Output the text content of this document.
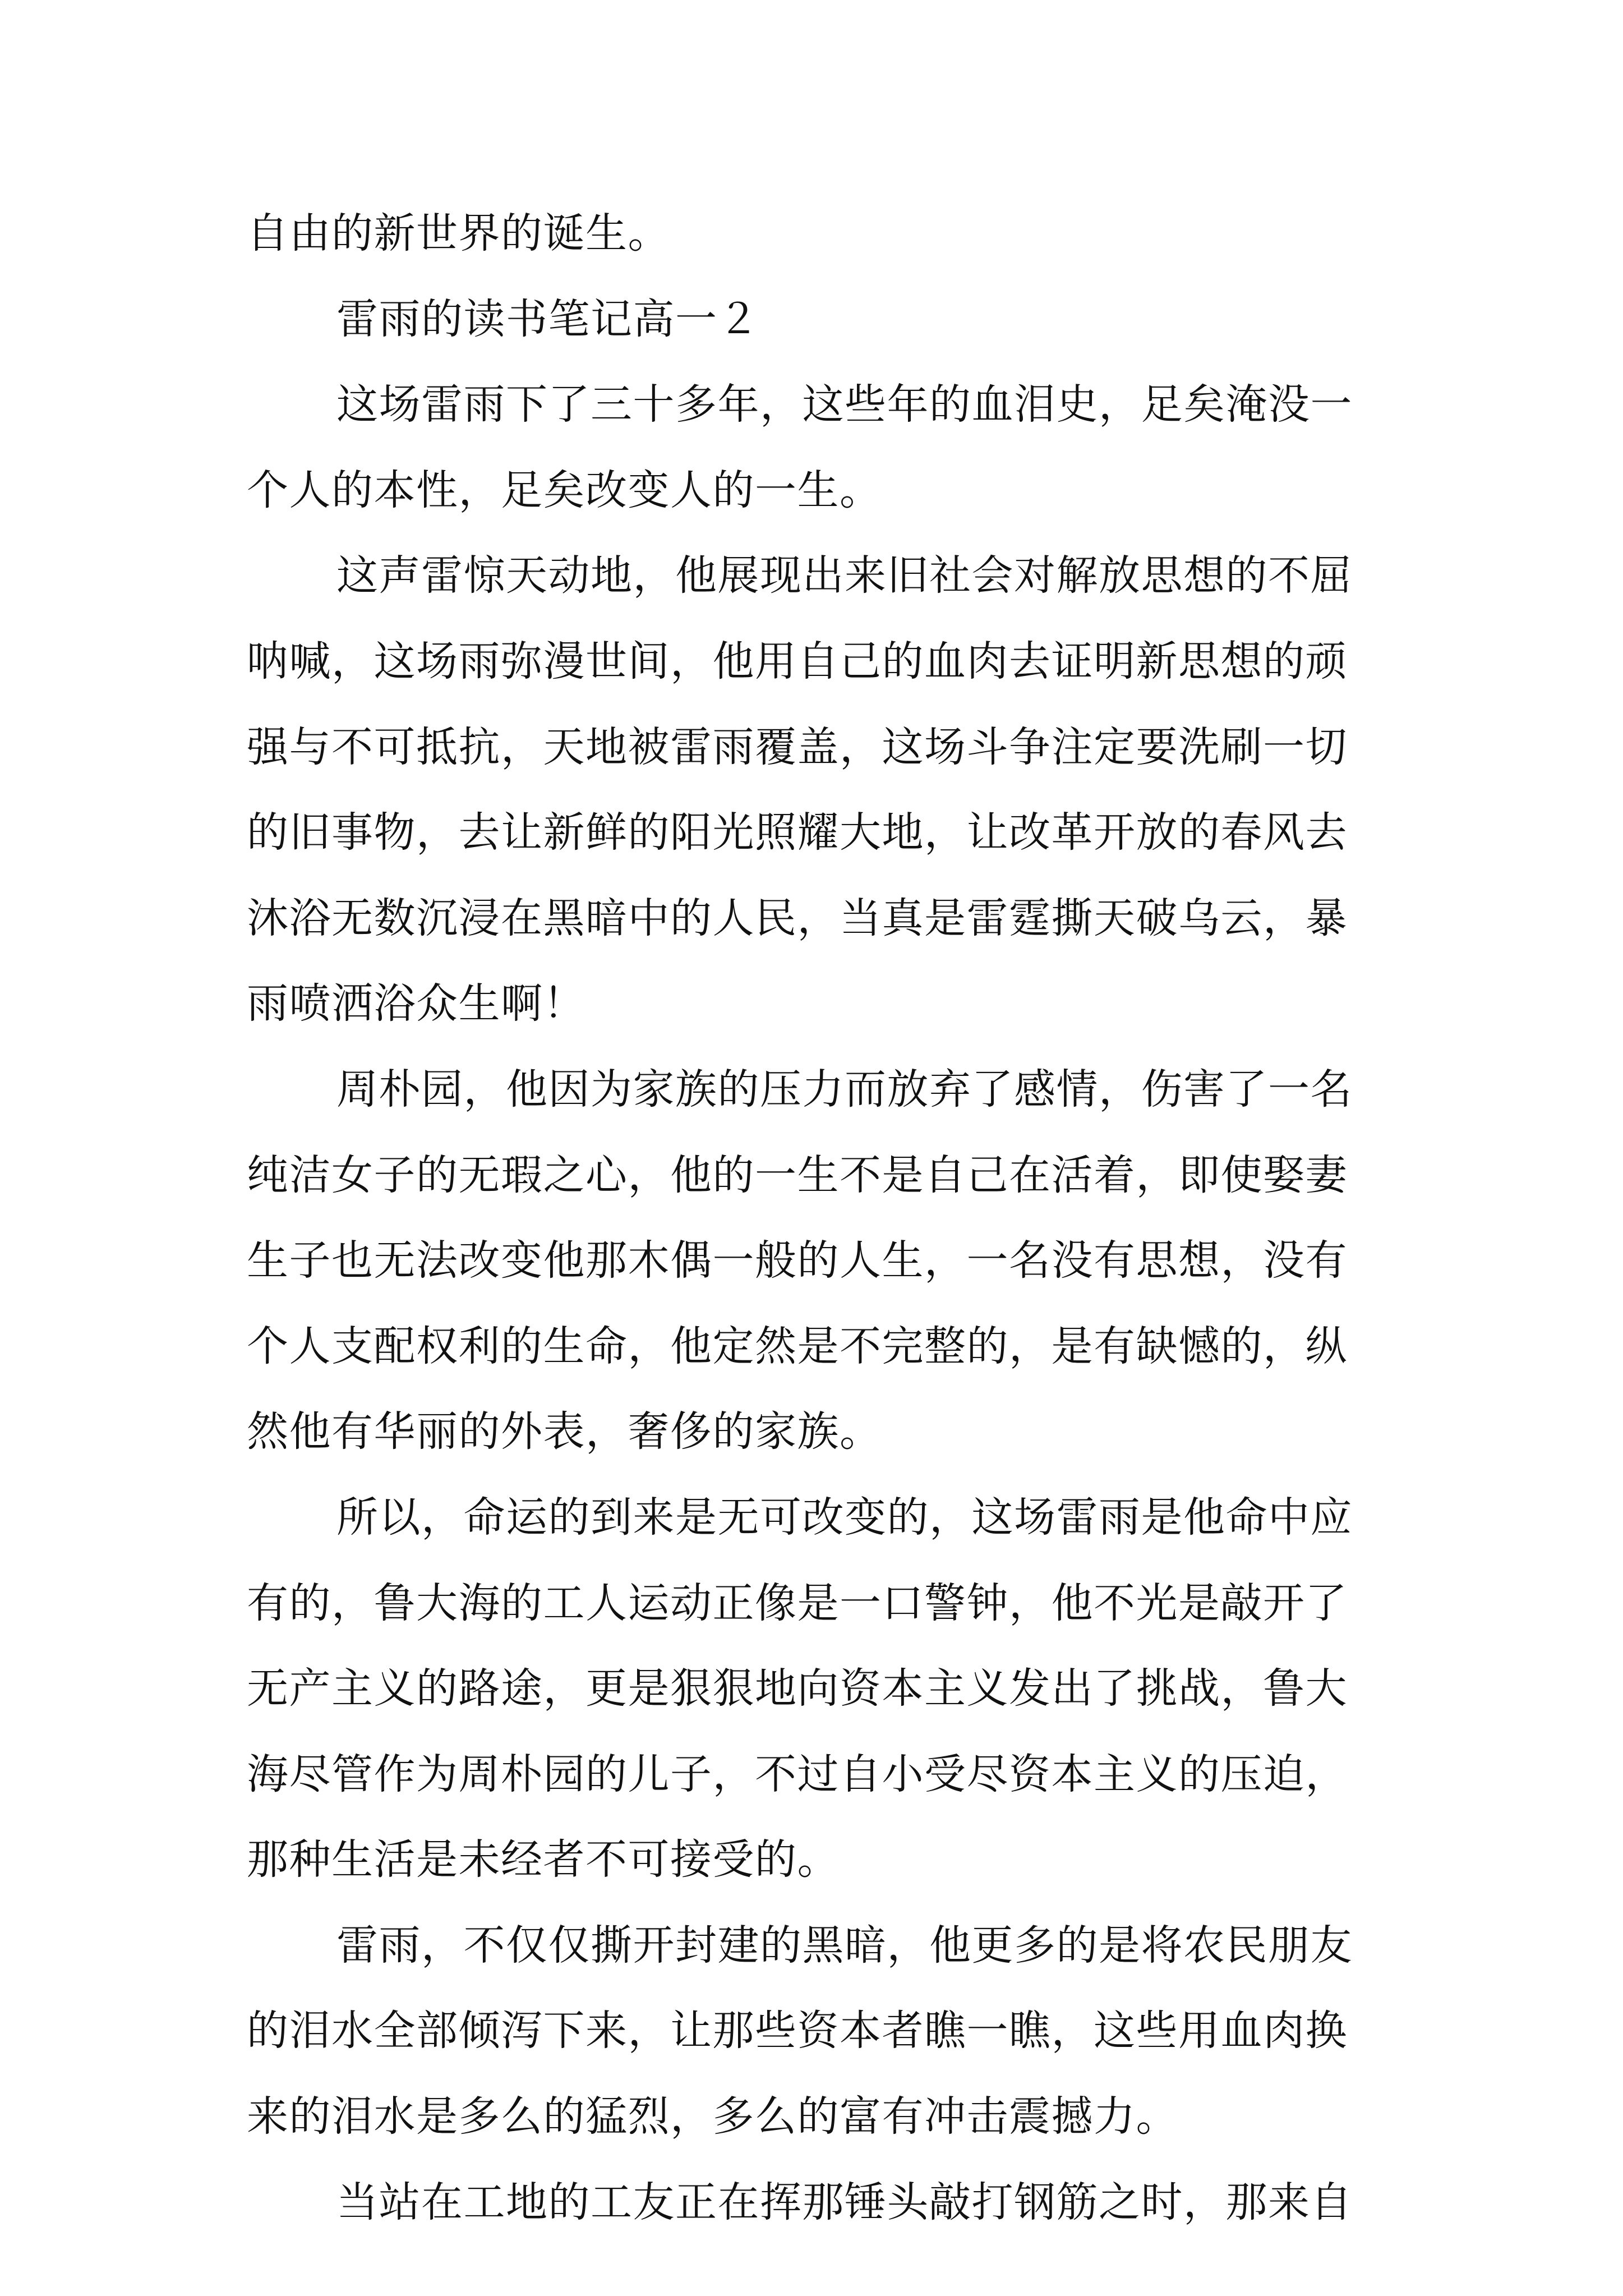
自由的新世界的诞生。
雷雨的读书笔记高一２
这场雷雨下了三十多年，这些年的血泪史，足矣淹没一
个人的本性，足矣改变人的一生。
这声雷惊天动地，他展现出来旧社会对解放思想的不屈
呐喊，这场雨弥漫世间，他用自己的血肉去证明新思想的顽
强与不可抵抗，天地被雷雨覆盖，这场斗争注定要洗刷一切
的旧事物，去让新鲜的阳光照耀大地，让改革开放的春风去
沐浴无数沉浸在黑暗中的人民，当真是雷霆撕天破乌云，暴
雨喷洒浴众生啊！
周朴园，他因为家族的压力而放弃了感情，伤害了一名
纯洁女子的无瑕之心，他的一生不是自己在活着，即使娶妻
生子也无法改变他那木偶一般的人生，一名没有思想，没有
个人支配权利的生命，他定然是不完整的，是有缺憾的，纵
然他有华丽的外表，奢侈的家族。
所以，命运的到来是无可改变的，这场雷雨是他命中应
有的，鲁大海的工人运动正像是一口警钟，他不光是敲开了
无产主义的路途，更是狠狠地向资本主义发出了挑战，鲁大
海尽管作为周朴园的儿子，不过自小受尽资本主义的压迫，
那种生活是未经者不可接受的。
雷雨，不仅仅撕开封建的黑暗，他更多的是将农民朋友
的泪水全部倾泻下来，让那些资本者瞧一瞧，这些用血肉换
来的泪水是多么的猛烈，多么的富有冲击震撼力。
当站在工地的工友正在挥那锤头敲打钢筋之时，那来自
